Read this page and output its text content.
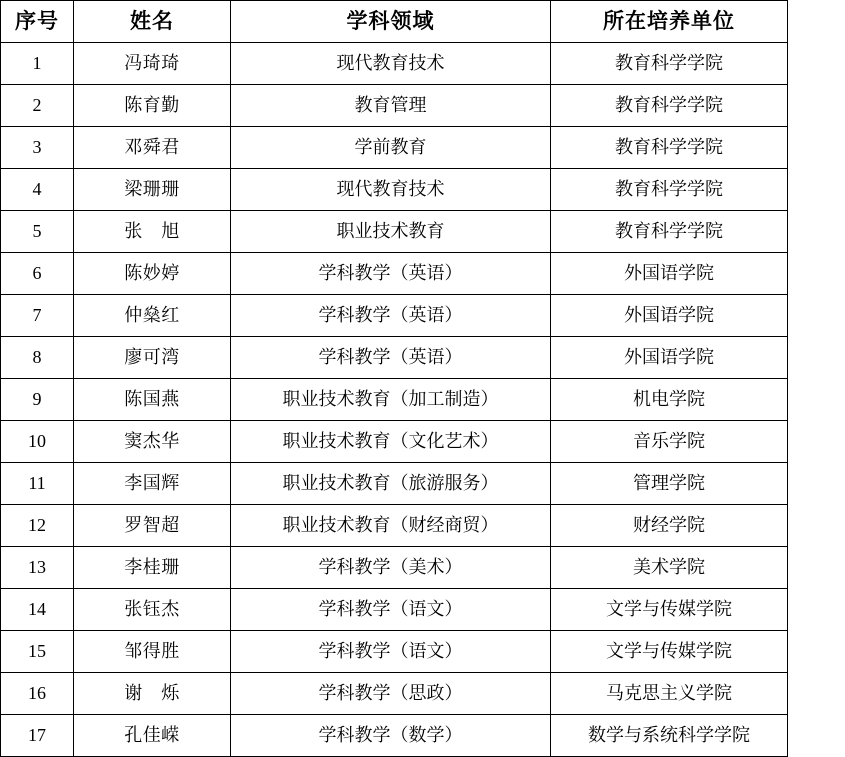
序号	姓名	学科领域	所在培养单位
1	冯琦琦	现代教育技术	教育科学学院
2	陈育勤	教育管理	教育科学学院
3	邓舜君	学前教育	教育科学学院
4	梁珊珊	现代教育技术	教育科学学院
5	张　旭	职业技术教育	教育科学学院
6	陈妙婷	学科教学（英语）	外国语学院
7	仲燊红	学科教学（英语）	外国语学院
8	廖可湾	学科教学（英语）	外国语学院
9	陈国燕	职业技术教育（加工制造）	机电学院
10	窦杰华	职业技术教育（文化艺术）	音乐学院
11	李国辉	职业技术教育（旅游服务）	管理学院
12	罗智超	职业技术教育（财经商贸）	财经学院
13	李桂珊	学科教学（美术）	美术学院
14	张钰杰	学科教学（语文）	文学与传媒学院
15	邹得胜	学科教学（语文）	文学与传媒学院
16	谢　烁	学科教学（思政）	马克思主义学院
17	孔佳嵘	学科教学（数学）	数学与系统科学学院
